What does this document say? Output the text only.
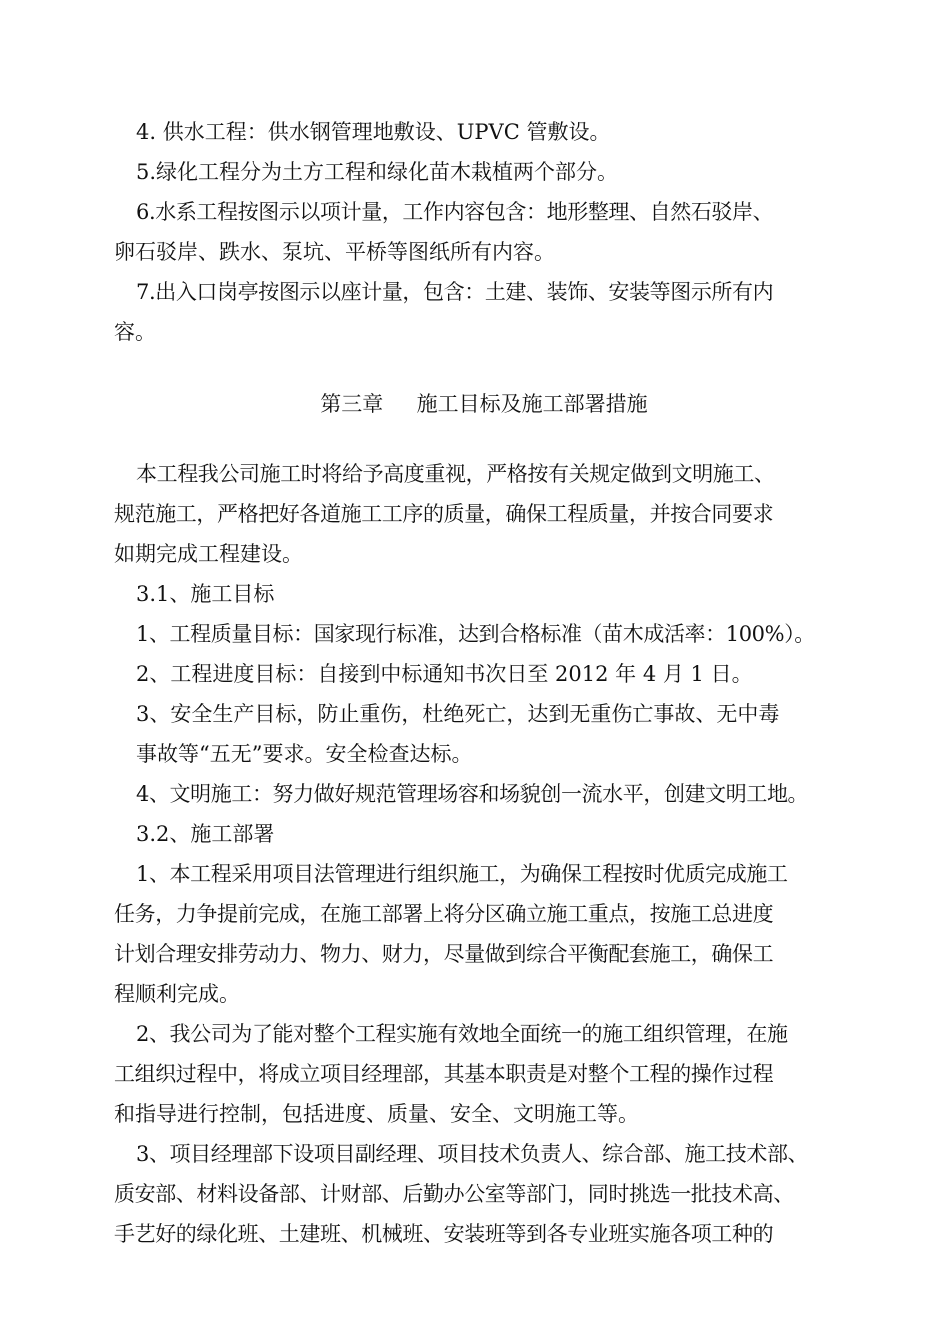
4. 供水工程：供水钢管理地敷设、UPVC 管敷设。
5.绿化工程分为土方工程和绿化苗木栽植两个部分。
6.水系工程按图示以项计量，工作内容包含：地形整理、自然石驳岸、
卵石驳岸、跌水、泵坑、平桥等图纸所有内容。
7.出入口岗亭按图示以座计量，包含：土建、装饰、安装等图示所有内
容。
第三章     施工目标及施工部署措施
本工程我公司施工时将给予高度重视，严格按有关规定做到文明施工、
规范施工，严格把好各道施工工序的质量，确保工程质量，并按合同要求
如期完成工程建设。
3.1、施工目标
1、工程质量目标：国家现行标准，达到合格标准（苗木成活率：100%）。
2、工程进度目标：自接到中标通知书次日至 2012 年 4 月 1 日。
3、安全生产目标，防止重伤，杜绝死亡，达到无重伤亡事故、无中毒
事故等“五无”要求。安全检查达标。
4、文明施工：努力做好规范管理场容和场貌创一流水平，创建文明工地。
3.2、施工部署
1、本工程采用项目法管理进行组织施工，为确保工程按时优质完成施工
任务，力争提前完成，在施工部署上将分区确立施工重点，按施工总进度
计划合理安排劳动力、物力、财力，尽量做到综合平衡配套施工，确保工
程顺利完成。
2、我公司为了能对整个工程实施有效地全面统一的施工组织管理，在施
工组织过程中，将成立项目经理部，其基本职责是对整个工程的操作过程
和指导进行控制，包括进度、质量、安全、文明施工等。
3、项目经理部下设项目副经理、项目技术负责人、综合部、施工技术部、
质安部、材料设备部、计财部、后勤办公室等部门，同时挑选一批技术高、
手艺好的绿化班、土建班、机械班、安装班等到各专业班实施各项工种的
